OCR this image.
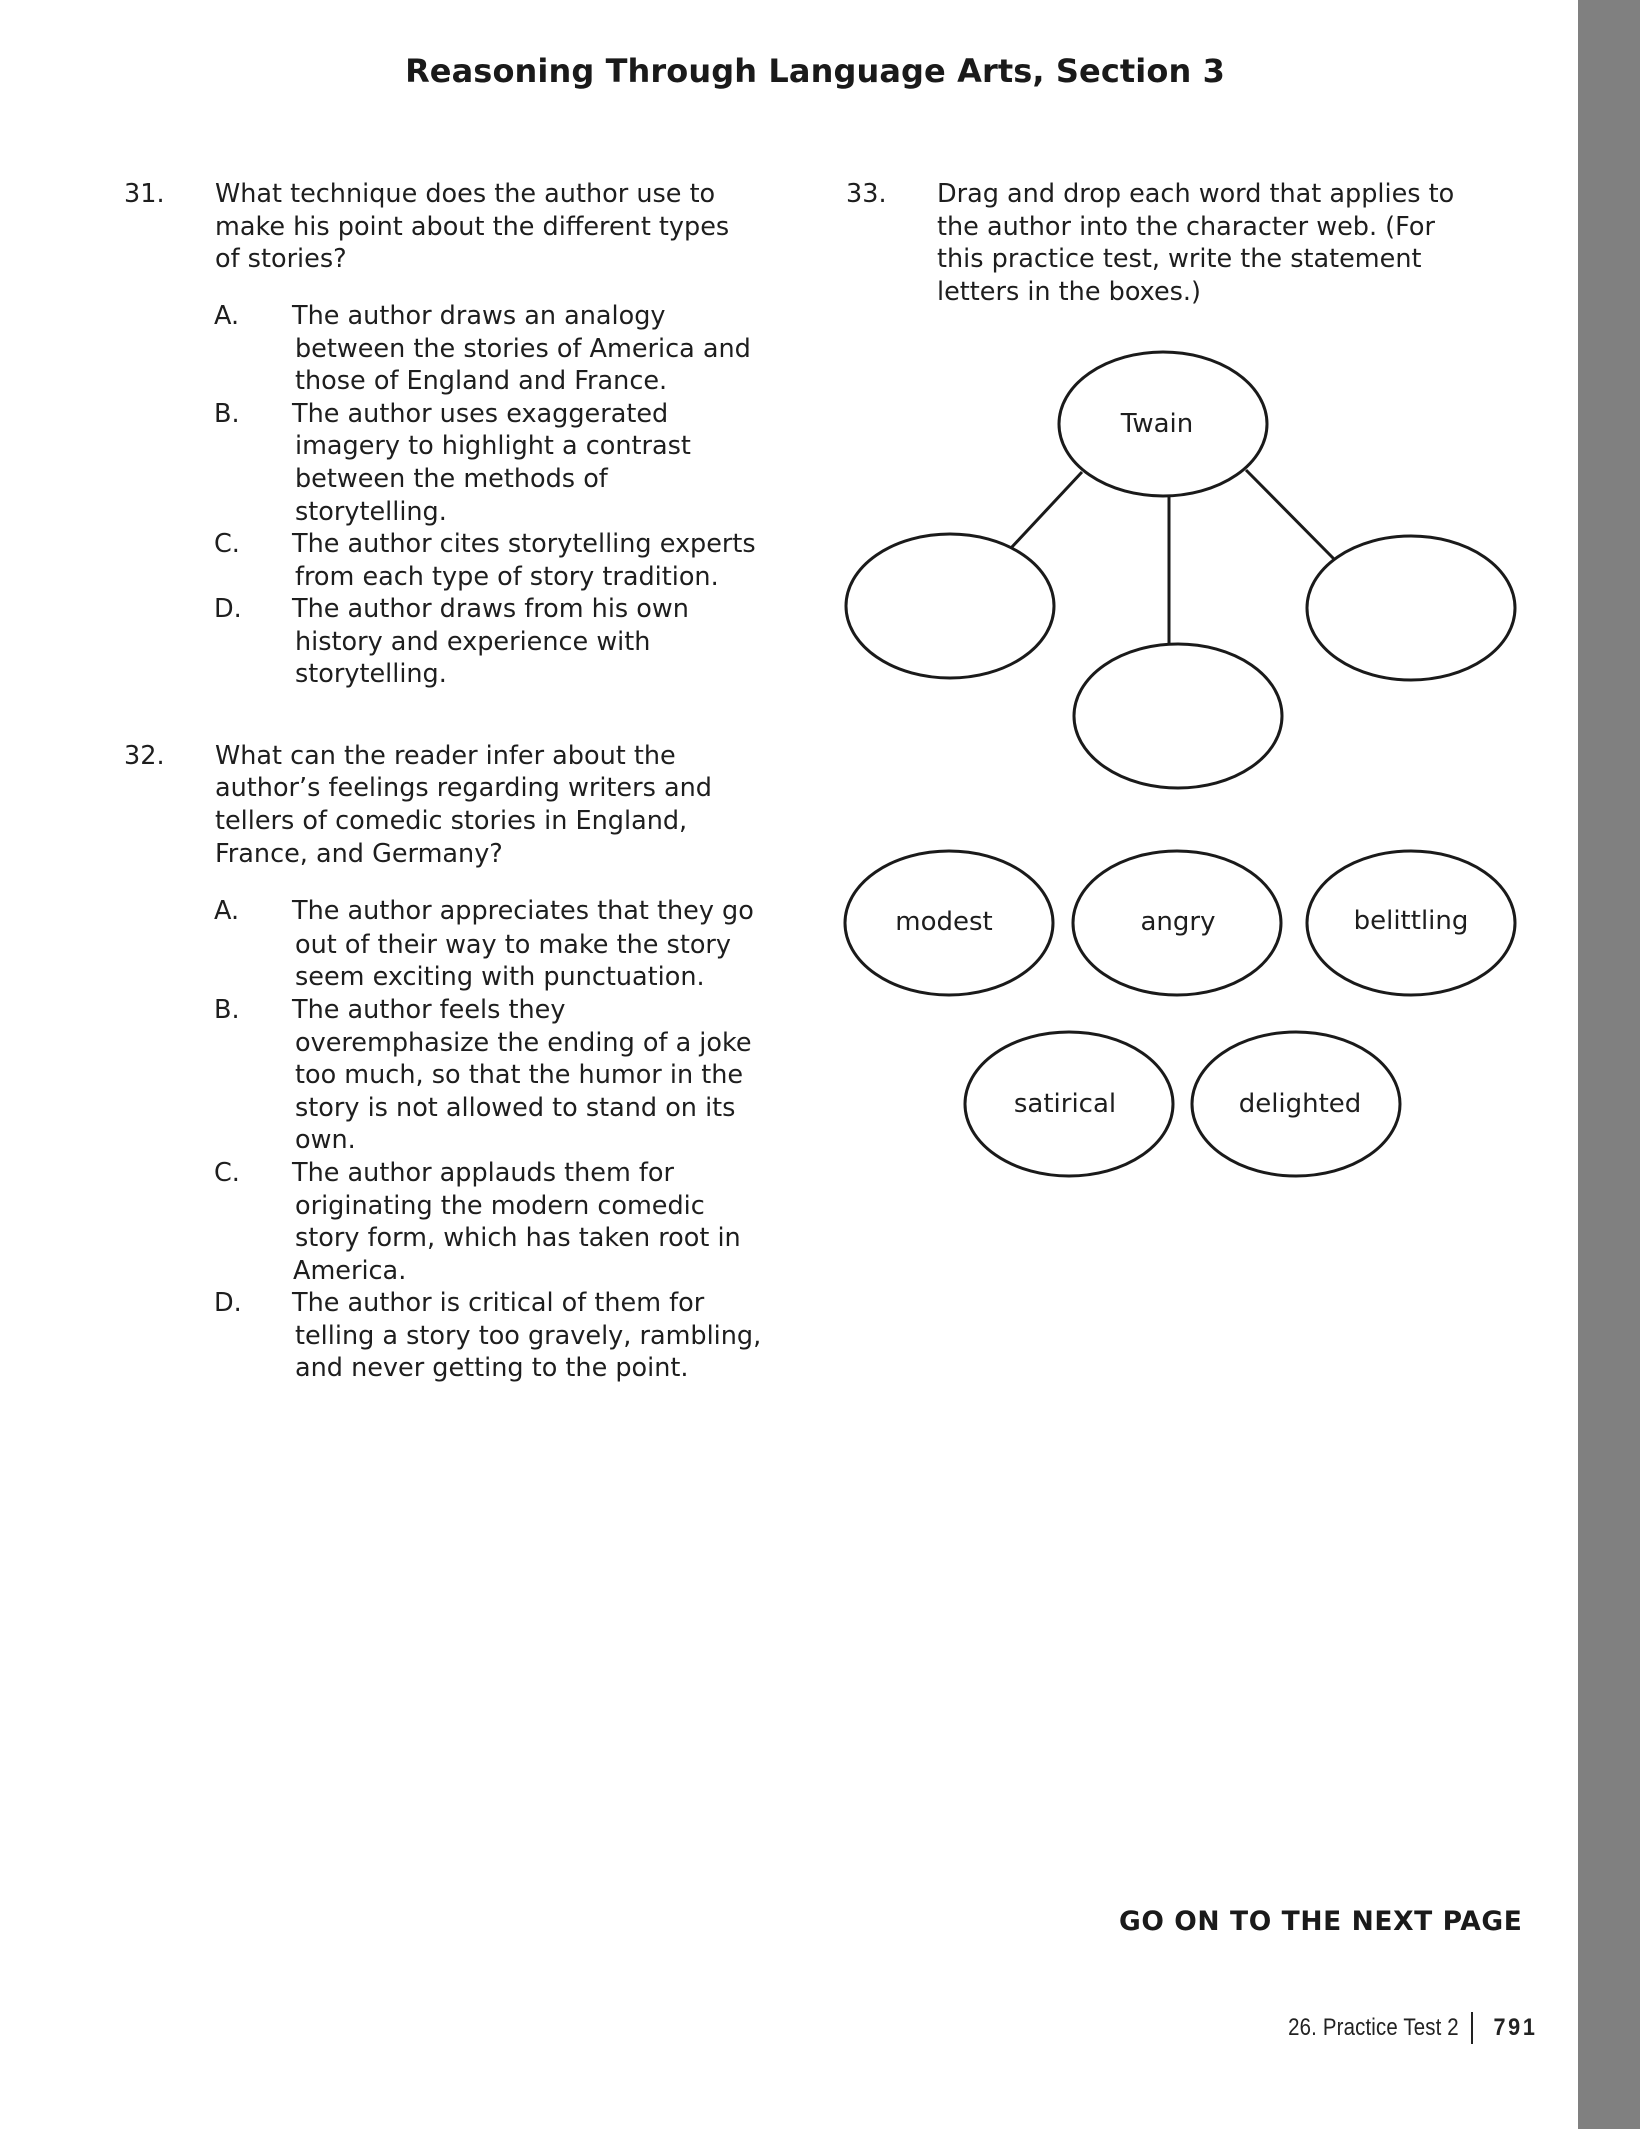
Reasoning Through Language Arts, Section 3
31. What technique does the author use to
make his point about the different types
of stories?
A. The author draws an analogy
between the stories of America and
those of England and France.
B. The author uses exaggerated
imagery to highlight a contrast
between the methods of
storytelling.
C. The author cites storytelling experts
from each type of story tradition.
D. The author draws from his own
history and experience with
storytelling.
32. What can the reader infer about the
author’s feelings regarding writers and
tellers of comedic stories in England,
France, and Germany?
A. The author appreciates that they go
out of their way to make the story
seem exciting with punctuation.
B. The author feels they
overemphasize the ending of a joke
too much, so that the humor in the
story is not allowed to stand on its
own.
C. The author applauds them for
originating the modern comedic
story form, which has taken root in
America.
D. The author is critical of them for
telling a story too gravely, rambling,
and never getting to the point.
33. Drag and drop each word that applies to
the author into the character web. (For
this practice test, write the statement
letters in the boxes.)
Twain
modest	angry	belittling
satirical	delighted
GO ON TO THE NEXT PAGE
26. Practice Test 2 791
